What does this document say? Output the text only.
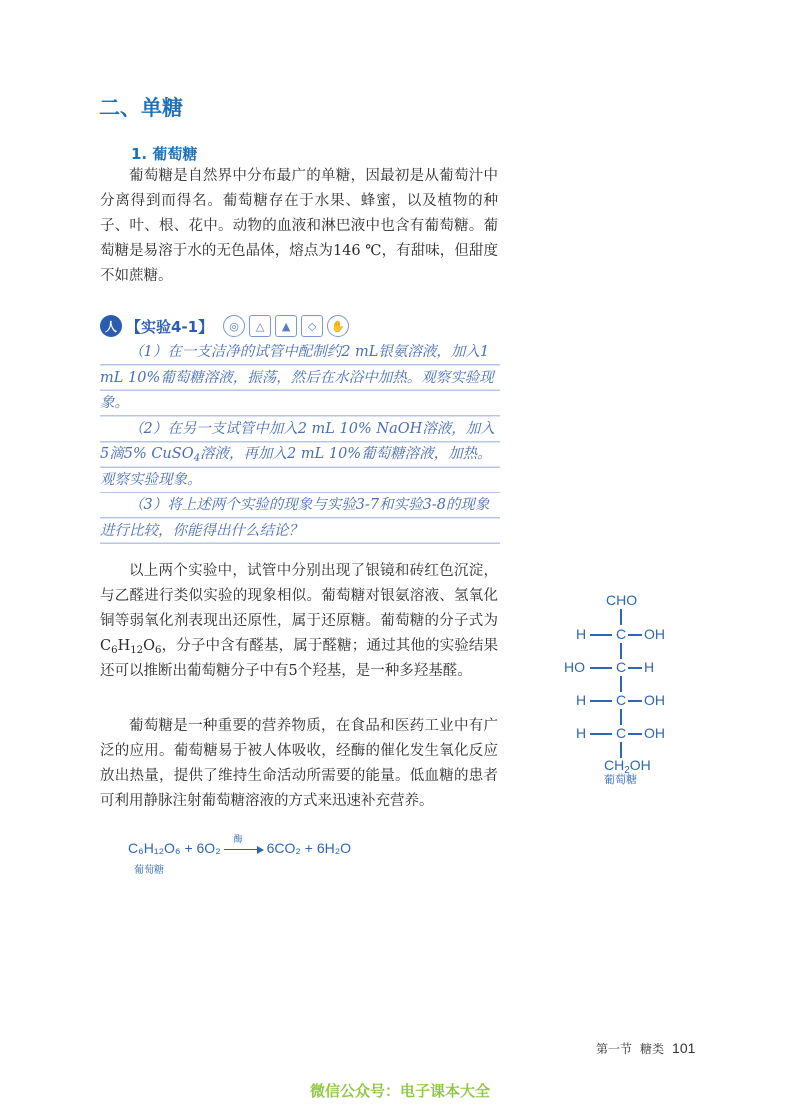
二、单糖
1. 葡萄糖

葡萄糖是自然界中分布最广的单糖，因最初是从葡萄汁中分离得到而得名。葡萄糖存在于水果、蜂蜜，以及植物的种子、叶、根、花中。动物的血液和淋巴液中也含有葡萄糖。葡萄糖是易溶于水的无色晶体，熔点为146 ℃，有甜味，但甜度不如蔗糖。

人 【实验4-1】	◎	△	▲	◇	✋

（1）在一支洁净的试管中配制约2 mL银氨溶液，加入1 mL 10%葡萄糖溶液，振荡，然后在水浴中加热。观察实验现象。

（2）在另一支试管中加入2 mL 10% NaOH溶液，加入5滴5% CuSO$_4$溶液，再加入2 mL 10%葡萄糖溶液，加热。观察实验现象。

（3）将上述两个实验的现象与实验3-7和实验3-8的现象进行比较，你能得出什么结论？

以上两个实验中，试管中分别出现了银镜和砖红色沉淀，与乙醛进行类似实验的现象相似。葡萄糖对银氨溶液、氢氧化铜等弱氧化剂表现出还原性，属于还原糖。葡萄糖的分子式为$C_6H_{12}O_6$，分子中含有醛基，属于醛糖；通过其他的实验结果还可以推断出葡萄糖分子中有5个羟基，是一种多羟基醛。

葡萄糖是一种重要的营养物质，在食品和医药工业中有广泛的应用。葡萄糖易于被人体吸收，经酶的催化发生氧化反应放出热量，提供了维持生命活动所需要的能量。低血糖的患者可利用静脉注射葡萄糖溶液的方式来迅速补充营养。

CHO
H C OH
HO C H
H C OH
H C OH
$CH_2OH$
葡萄糖
C₆H₁₂O₆ + 6O₂ 酶 6CO₂ + 6H₂O
葡萄糖
第一节 糖类 101
微信公众号：电子课本大全
